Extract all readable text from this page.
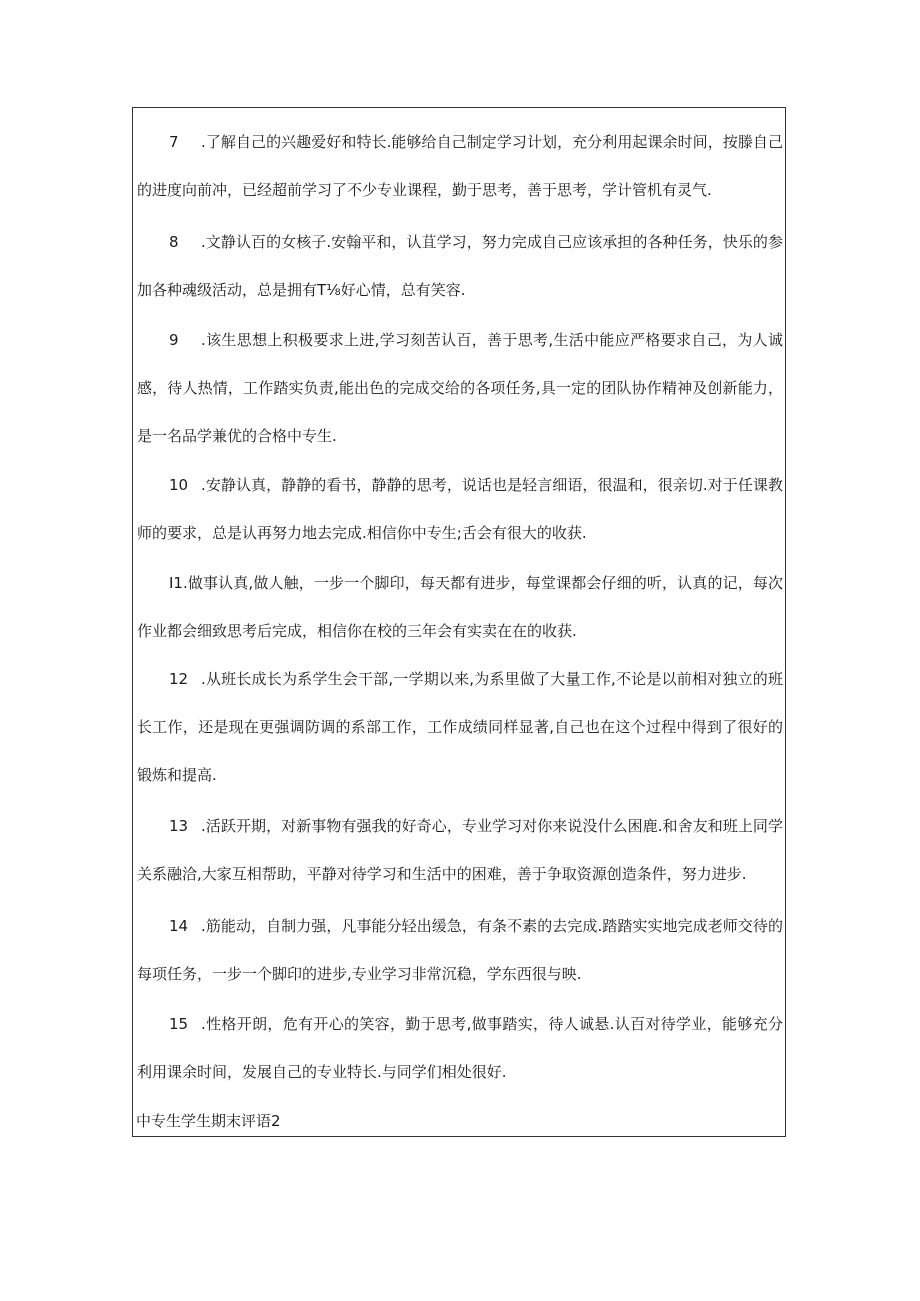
7 .了解自己的兴趣爱好和特长.能够给自己制定学习计划，充分利用起课余时间，按滕自己的进度向前冲，已经超前学习了不少专业课程，勤于思考，善于思考，学计管机有灵气.

8 .文静认百的女核子.安翰平和，认苴学习，努力完成自己应该承担的各种任务，快乐的参加各种魂级活动，总是拥有T⅛好心情，总有笑容.

9 .该生思想上积极要求上进,学习刻苦认百，善于思考,生活中能应严格要求自己，为人诚感，待人热情，工作踏实负责,能出色的完成交给的各项任务,具一定的团队协作精神及创新能力，是一名品学兼优的合格中专生.

10 .安静认真，静静的看书，静静的思考，说话也是轻言细语，很温和，很亲切.对于任课教师的要求，总是认再努力地去完成.相信你中专生;舌会有很大的收获.

I1.做事认真,做人触，一步一个脚印，每天都有进步，每堂课都会仔细的听，认真的记，每次作业都会细致思考后完成，相信你在校的三年会有实卖在在的收获.

12 .从班长成长为系学生会干部,一学期以来,为系里做了大量工作,不论是以前相对独立的班长工作，还是现在更强调防调的系部工作，工作成绩同样显著,自己也在这个过程中得到了很好的锻炼和提高.

13 .活跃开期，对新事物有强我的好奇心，专业学习对你来说没什么困鹿.和舍友和班上同学关系融洽,大家互相帮助，平静对待学习和生活中的困难，善于争取资源创造条件，努力进步.

14 .筋能动，自制力强，凡事能分轻出缓急，有条不素的去完成.踏踏实实地完成老师交待的每项任务，一步一个脚印的进步,专业学习非常沉稳，学东西很与映.

15 .性格开朗，危有开心的笑容，勤于思考,做事踏实，待人诚悬.认百对待学业，能够充分利用课余时间，发展自己的专业特长.与同学们相处很好.

中专生学生期末评语2
